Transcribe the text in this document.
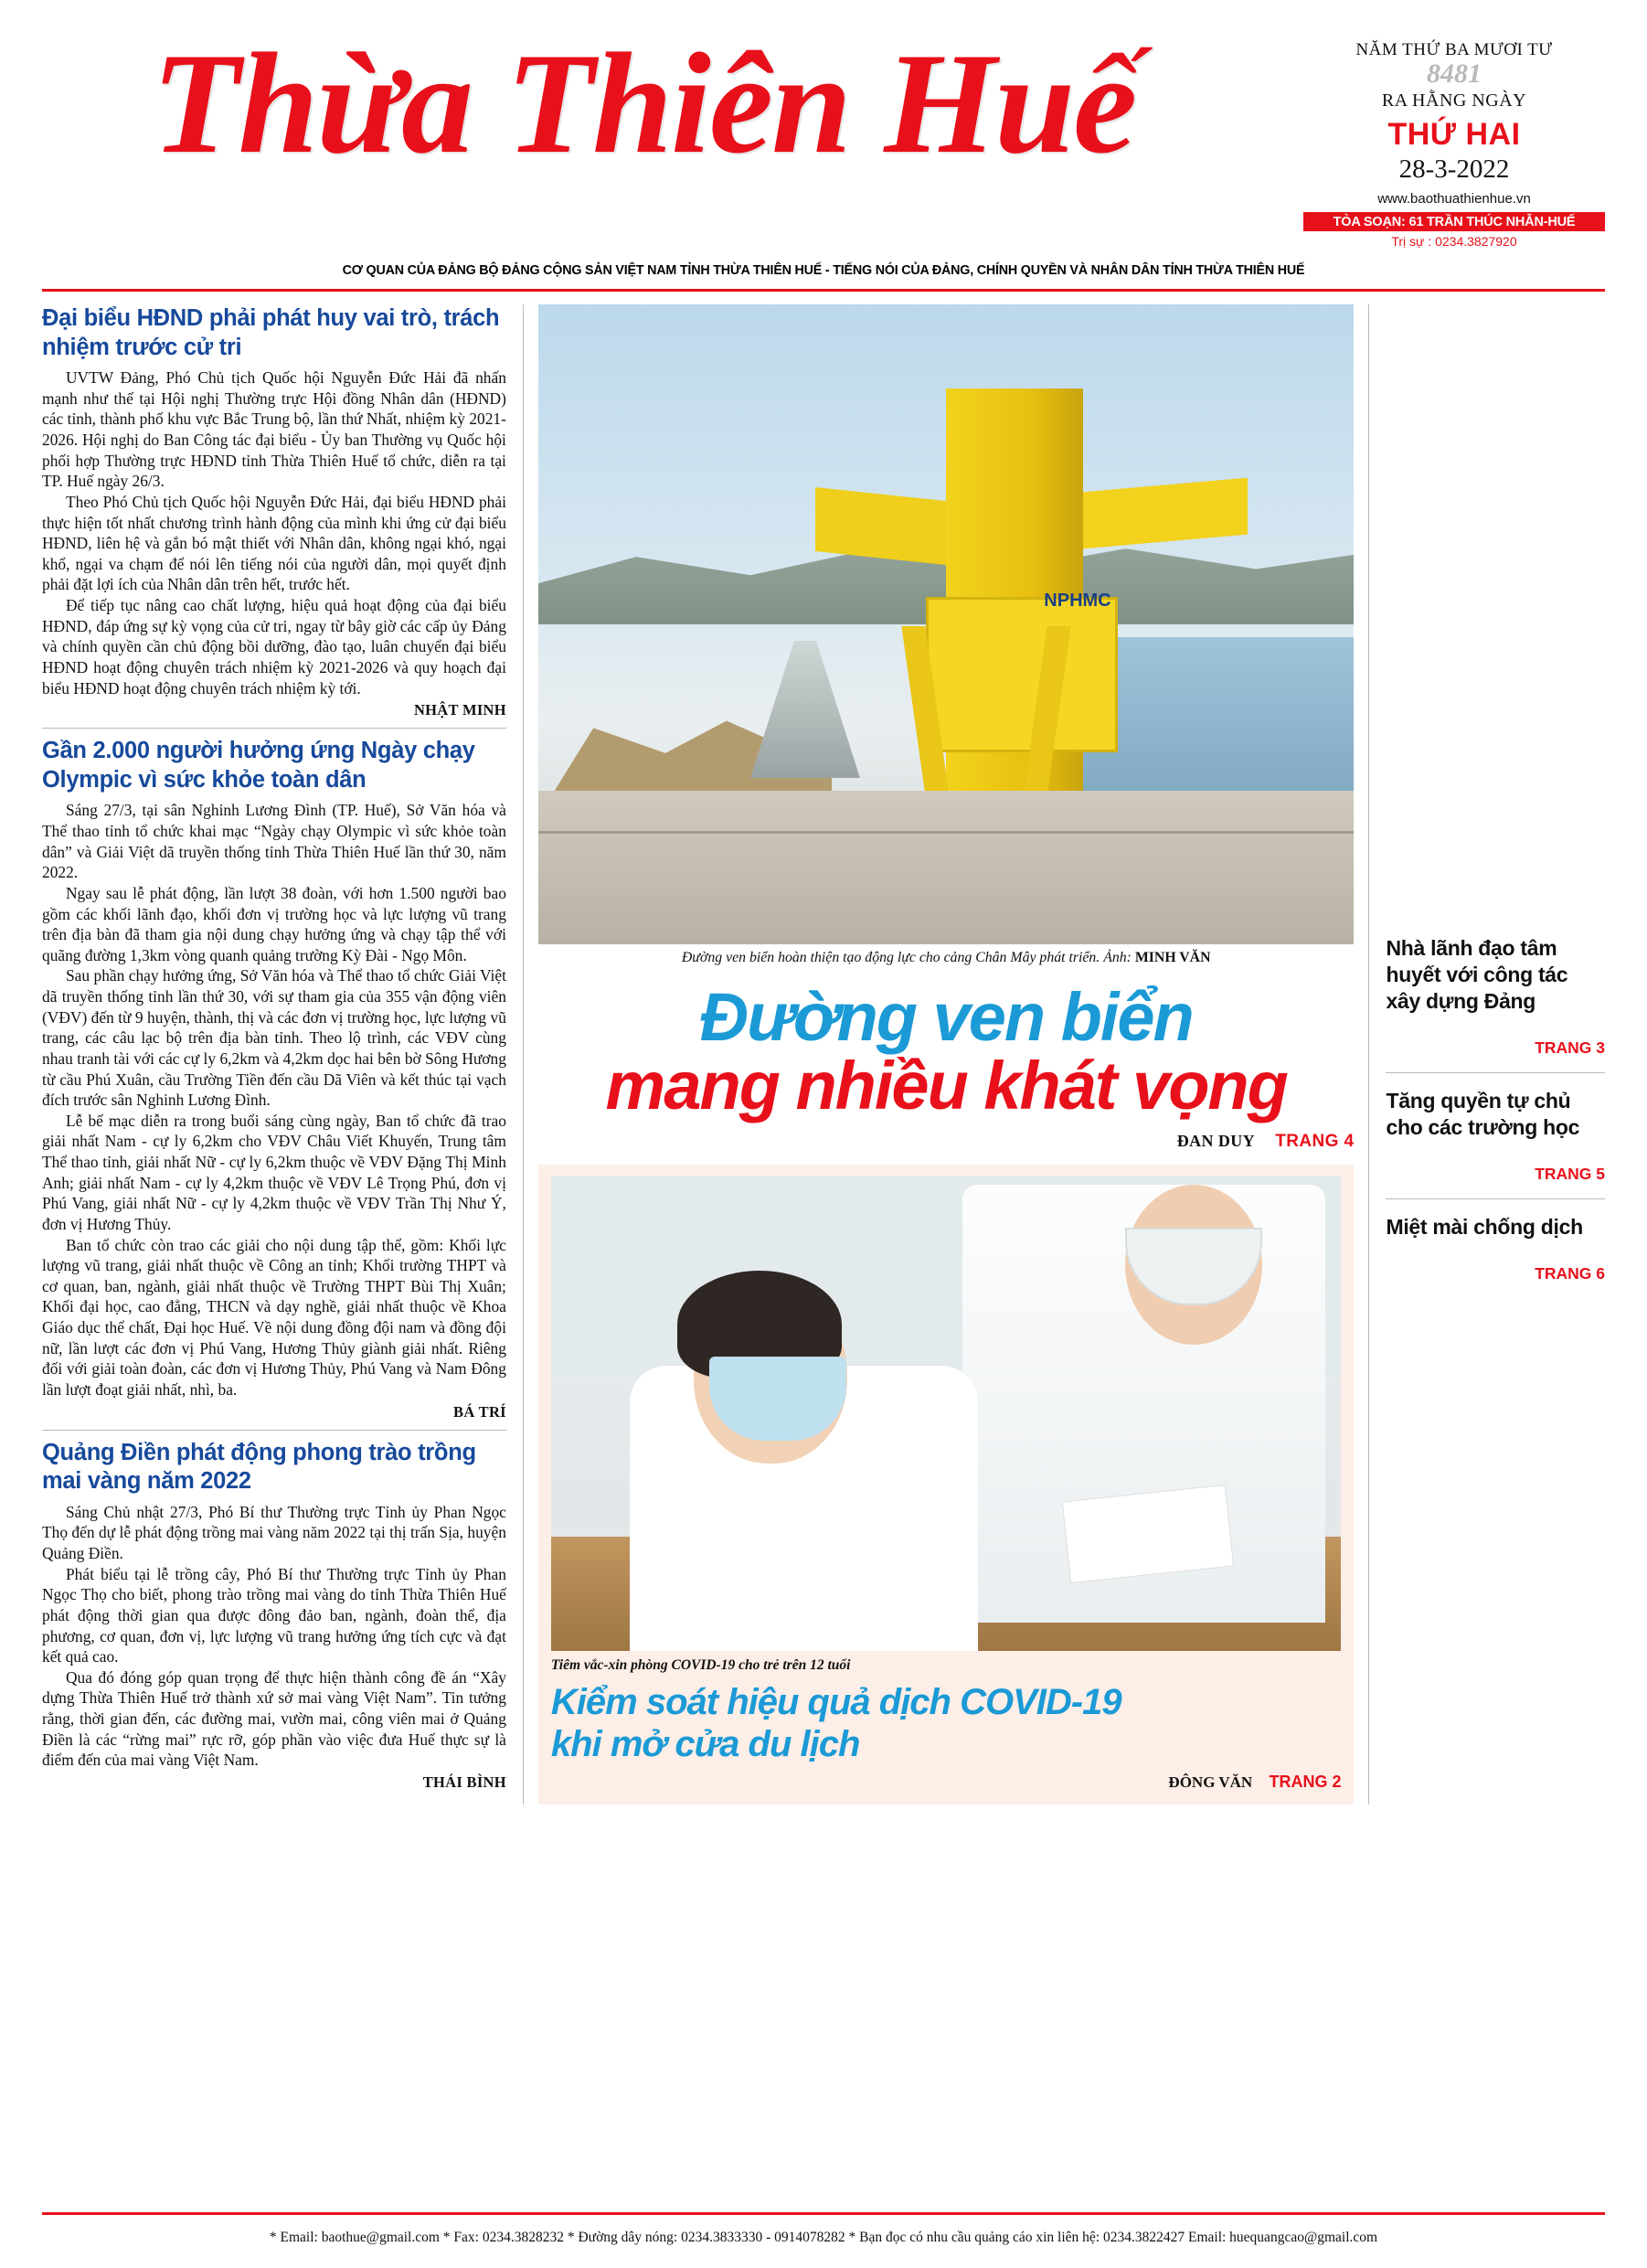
Thừa Thiên Huế	NĂM THỨ BA MƯƠI TƯ
8481
RA HẰNG NGÀY
THỨ HAI
28-3-2022
www.baothuathienhue.vn
TÒA SOẠN: 61 TRẦN THÚC NHẪN-HUẾ
Trị sự : 0234.3827920
CƠ QUAN CỦA ĐẢNG BỘ ĐẢNG CỘNG SẢN VIỆT NAM TỈNH THỪA THIÊN HUẾ - TIẾNG NÓI CỦA ĐẢNG, CHÍNH QUYỀN VÀ NHÂN DÂN TỈNH THỪA THIÊN HUẾ
Đại biểu HĐND phải phát huy vai trò, trách nhiệm trước cử tri

UVTW Đảng, Phó Chủ tịch Quốc hội Nguyễn Đức Hải đã nhấn mạnh như thế tại Hội nghị Thường trực Hội đồng Nhân dân (HĐND) các tỉnh, thành phố khu vực Bắc Trung bộ, lần thứ Nhất, nhiệm kỳ 2021-2026. Hội nghị do Ban Công tác đại biểu - Ủy ban Thường vụ Quốc hội phối hợp Thường trực HĐND tỉnh Thừa Thiên Huế tổ chức, diễn ra tại TP. Huế ngày 26/3.

Theo Phó Chủ tịch Quốc hội Nguyễn Đức Hải, đại biểu HĐND phải thực hiện tốt nhất chương trình hành động của mình khi ứng cử đại biểu HĐND, liên hệ và gắn bó mật thiết với Nhân dân, không ngại khó, ngại khổ, ngại va chạm để nói lên tiếng nói của người dân, mọi quyết định phải đặt lợi ích của Nhân dân trên hết, trước hết.

Để tiếp tục nâng cao chất lượng, hiệu quả hoạt động của đại biểu HĐND, đáp ứng sự kỳ vọng của cử tri, ngay từ bây giờ các cấp ủy Đảng và chính quyền cần chủ động bồi dưỡng, đào tạo, luân chuyển đại biểu HĐND hoạt động chuyên trách nhiệm kỳ 2021-2026 và quy hoạch đại biểu HĐND hoạt động chuyên trách nhiệm kỳ tới.

NHẬT MINH
Gần 2.000 người hưởng ứng Ngày chạy Olympic vì sức khỏe toàn dân

Sáng 27/3, tại sân Nghinh Lương Đình (TP. Huế), Sở Văn hóa và Thể thao tỉnh tổ chức khai mạc “Ngày chạy Olympic vì sức khỏe toàn dân” và Giải Việt dã truyền thống tỉnh Thừa Thiên Huế lần thứ 30, năm 2022.

Ngay sau lễ phát động, lần lượt 38 đoàn, với hơn 1.500 người bao gồm các khối lãnh đạo, khối đơn vị trường học và lực lượng vũ trang trên địa bàn đã tham gia nội dung chạy hưởng ứng và chạy tập thể với quãng đường 1,3km vòng quanh quảng trường Kỳ Đài - Ngọ Môn.

Sau phần chạy hưởng ứng, Sở Văn hóa và Thể thao tổ chức Giải Việt dã truyền thống tỉnh lần thứ 30, với sự tham gia của 355 vận động viên (VĐV) đến từ 9 huyện, thành, thị và các đơn vị trường học, lực lượng vũ trang, các câu lạc bộ trên địa bàn tỉnh. Theo lộ trình, các VĐV cùng nhau tranh tài với các cự ly 6,2km và 4,2km dọc hai bên bờ Sông Hương từ cầu Phú Xuân, cầu Trường Tiền đến cầu Dã Viên và kết thúc tại vạch đích trước sân Nghinh Lương Đình.

Lễ bế mạc diễn ra trong buổi sáng cùng ngày, Ban tổ chức đã trao giải nhất Nam - cự ly 6,2km cho VĐV Châu Viết Khuyến, Trung tâm Thể thao tỉnh, giải nhất Nữ - cự ly 6,2km thuộc về VĐV Đặng Thị Minh Anh; giải nhất Nam - cự ly 4,2km thuộc về VĐV Lê Trọng Phú, đơn vị Phú Vang, giải nhất Nữ - cự ly 4,2km thuộc về VĐV Trần Thị Như Ý, đơn vị Hương Thủy.

Ban tổ chức còn trao các giải cho nội dung tập thể, gồm: Khối lực lượng vũ trang, giải nhất thuộc về Công an tỉnh; Khối trường THPT và cơ quan, ban, ngành, giải nhất thuộc về Trường THPT Bùi Thị Xuân; Khối đại học, cao đẳng, THCN và dạy nghề, giải nhất thuộc về Khoa Giáo dục thể chất, Đại học Huế. Về nội dung đồng đội nam và đồng đội nữ, lần lượt các đơn vị Phú Vang, Hương Thủy giành giải nhất. Riêng đối với giải toàn đoàn, các đơn vị Hương Thủy, Phú Vang và Nam Đông lần lượt đoạt giải nhất, nhì, ba.

BÁ TRÍ
Quảng Điền phát động phong trào trồng mai vàng năm 2022

Sáng Chủ nhật 27/3, Phó Bí thư Thường trực Tỉnh ủy Phan Ngọc Thọ đến dự lễ phát động trồng mai vàng năm 2022 tại thị trấn Sịa, huyện Quảng Điền.

Phát biểu tại lễ trồng cây, Phó Bí thư Thường trực Tỉnh ủy Phan Ngọc Thọ cho biết, phong trào trồng mai vàng do tỉnh Thừa Thiên Huế phát động thời gian qua được đông đảo ban, ngành, đoàn thể, địa phương, cơ quan, đơn vị, lực lượng vũ trang hưởng ứng tích cực và đạt kết quả cao.

Qua đó đóng góp quan trọng để thực hiện thành công đề án “Xây dựng Thừa Thiên Huế trở thành xứ sở mai vàng Việt Nam”. Tin tưởng rằng, thời gian đến, các đường mai, vườn mai, công viên mai ở Quảng Điền là các “rừng mai” rực rỡ, góp phần vào việc đưa Huế thực sự là điểm đến của mai vàng Việt Nam.

THÁI BÌNH
NPHMC
Đường ven biển hoàn thiện tạo động lực cho cảng Chân Mây phát triển. Ảnh: MINH VĂN
Đường ven biển
mang nhiều khát vọng
ĐAN DUY TRANG 4
Tiêm vắc-xin phòng COVID-19 cho trẻ trên 12 tuổi
Kiểm soát hiệu quả dịch COVID-19
khi mở cửa du lịch
ĐÔNG VĂN TRANG 2
Nhà lãnh đạo tâm huyết với công tác xây dựng Đảng
TRANG 3
Tăng quyền tự chủ cho các trường học
TRANG 5
Miệt mài chống dịch
TRANG 6
* Email: baothue@gmail.com * Fax: 0234.3828232 * Đường dây nóng: 0234.3833330 - 0914078282 * Bạn đọc có nhu cầu quảng cáo xin liên hệ: 0234.3822427 Email: huequangcao@gmail.com
